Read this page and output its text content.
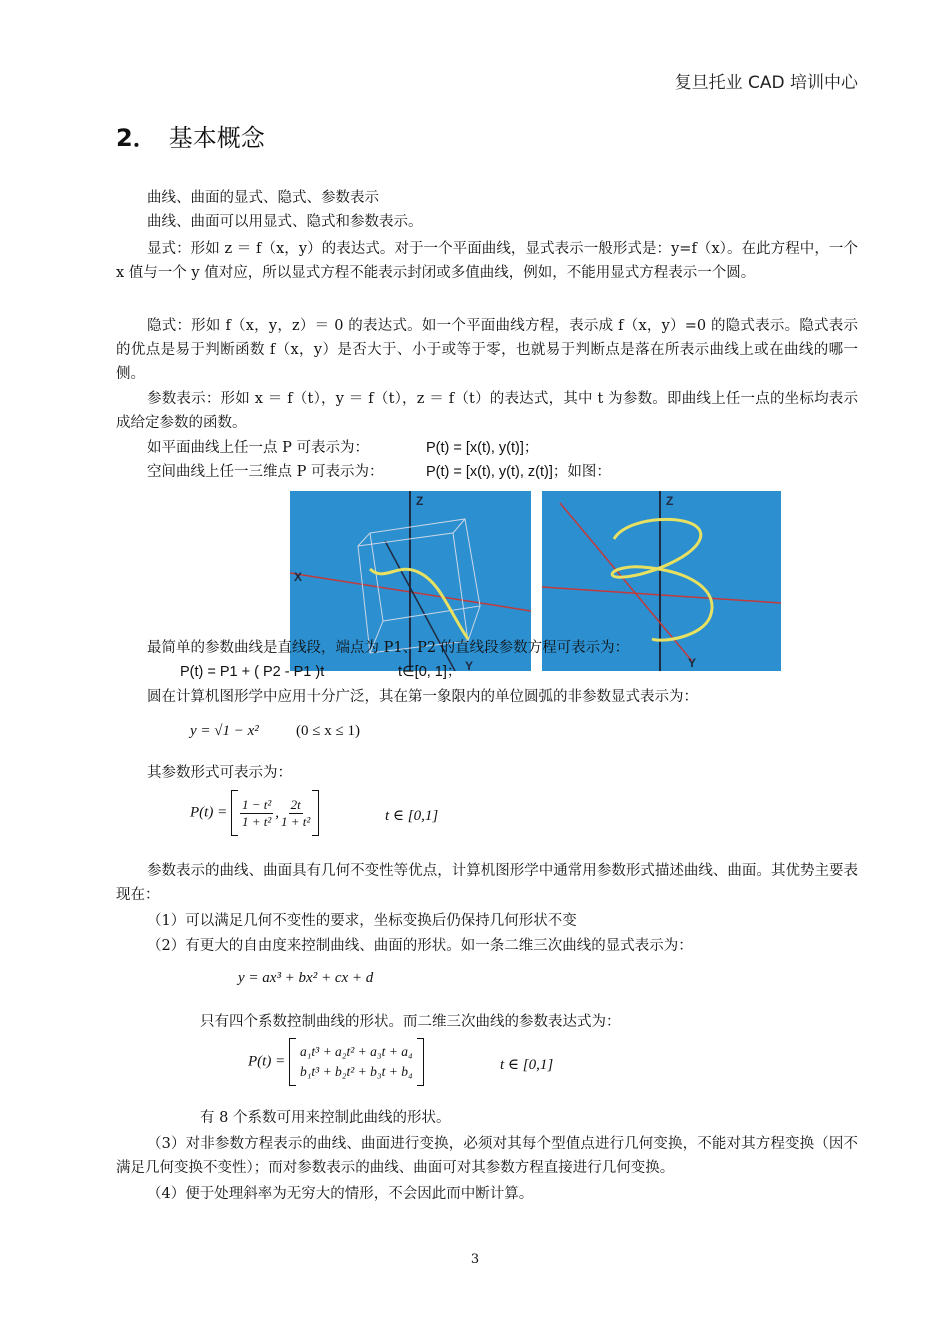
复旦托业 CAD 培训中心
2． 基本概念
曲线、曲面的显式、隐式、参数表示
曲线、曲面可以用显式、隐式和参数表示。
显式：形如 z ＝ f（x，y）的表达式。对于一个平面曲线，显式表示一般形式是：y=f（x）。在此方程中，一个 x 值与一个 y 值对应，所以显式方程不能表示封闭或多值曲线，例如，不能用显式方程表示一个圆。
隐式：形如 f（x，y，z）＝ 0 的表达式。如一个平面曲线方程，表示成 f（x，y）=0 的隐式表示。隐式表示的优点是易于判断函数 f（x，y）是否大于、小于或等于零，也就易于判断点是落在所表示曲线上或在曲线的哪一侧。
参数表示：形如 x ＝ f（t），y ＝ f（t），z ＝ f（t）的表达式，其中 t 为参数。即曲线上任一点的坐标均表示成给定参数的函数。
如平面曲线上任一点 P 可表示为：	P(t) = [x(t), y(t)]；
空间曲线上任一三维点 P 可表示为：	P(t) = [x(t), y(t), z(t)]；如图：
Z
X
Z
Y
Y
最简单的参数曲线是直线段，端点为 P1、P2 的直线段参数方程可表示为：
P(t) = P1 + ( P2 - P1 )t	t∈[0, 1]；
圆在计算机图形学中应用十分广泛，其在第一象限内的单位圆弧的非参数显式表示为：
y = √1 − x² (0 ≤ x ≤ 1)
其参数形式可表示为：
$P(t) = \frac{\text{1 − t²}}{\text{1 + t²}}$ , $\frac{2t}{\text{1 + t²}}$	t ∈ [0,1]
参数表示的曲线、曲面具有几何不变性等优点，计算机图形学中通常用参数形式描述曲线、曲面。其优势主要表现在：
（1）可以满足几何不变性的要求，坐标变换后仍保持几何形状不变
（2）有更大的自由度来控制曲线、曲面的形状。如一条二维三次曲线的显式表示为：
y = ax³ + bx² + cx + d
只有四个系数控制曲线的形状。而二维三次曲线的参数表达式为：
P(t) =
a₁t³ + a₂t² + a₃t + a₄
b₁t³ + b₂t² + b₃t + b₄	t ∈ [0,1]
有 8 个系数可用来控制此曲线的形状。
（3）对非参数方程表示的曲线、曲面进行变换，必须对其每个型值点进行几何变换，不能对其方程变换（因不满足几何变换不变性）；而对参数表示的曲线、曲面可对其参数方程直接进行几何变换。
（4）便于处理斜率为无穷大的情形，不会因此而中断计算。
3
